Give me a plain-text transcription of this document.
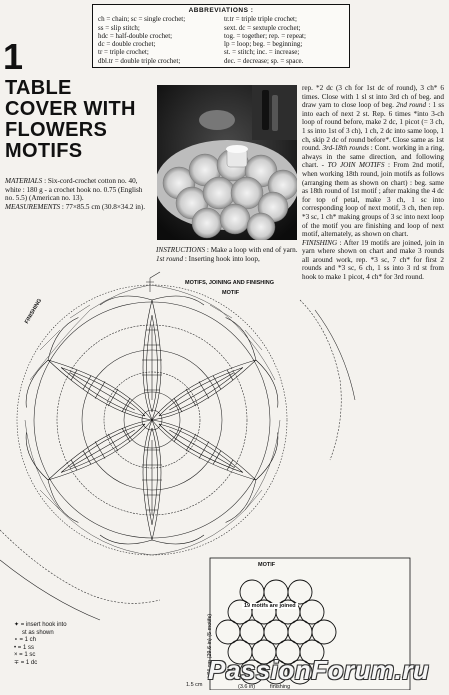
ABBREVIATIONS :
ch = chain; sc = single crochet;
ss = slip stitch;
hdc = half-double crochet;
dc = double crochet;
tr = triple crochet;
dbl.tr = double triple crochet;
tr.tr = triple triple crochet;
sext. dc = sextuple crochet;
tog. = together; rep. = repeat;
lp = loop; beg. = beginning;
st. = stitch; inc. = increase;
dec. = decrease; sp. = space.
1
TABLE
COVER WITH
FLOWERS
MOTIFS

MATERIALS : Six-cord-crochet cotton no. 40, white : 180 g - a crochet hook no. 0.75 (English no. 5.5) (American no. 13).

MEASUREMENTS : 77×85.5 cm (30.8×34.2 in).

INSTRUCTIONS : Make a loop with end of yarn. 1st round : Inserting hook into loop,

rep. *2 dc (3 ch for 1st dc of round), 3 ch* 6 times. Close with 1 sl st into 3rd ch of beg. and draw yarn to close loop of beg. 2nd round : 1 ss into each of next 2 st. Rep. 6 times *into 3-ch loop of round before, make 2 dc, 1 picot (= 3 ch, 1 ss into 1st of 3 ch), 1 ch, 2 dc into same loop, 1 ch, skip 2 dc of round before*. Close same as 1st round. 3rd-18th rounds : Cont. working in a ring, always in the same direction, and following chart. - TO JOIN MOTIFS : From 2nd motif, when working 18th round, join motifs as follows (arranging them as shown on chart) : beg. same as 18th round of 1st motif ; after making the 4 dc for top of petal, make 3 ch, 1 sc into corresponding loop of next motif, 3 ch, then rep. *3 sc, 1 ch* making groups of 3 sc into next loop of the motif you are finishing and loop of next motif, alternately, as shown on chart.

FINISHING : After 19 motifs are joined, join in yarn where shown on chart and make 3 rounds all around work, rep. *3 sc, 7 ch* for first 2 rounds and *3 sc, 6 ch, 1 ss into 3 rd st from hook to make 1 picot, 4 ch* for 3rd round.

MOTIFS, JOINING AND FINISHING
MOTIF
FINISHING
MOTIF
19 motifs are joined
74 cm (29.6 in) (5 motifs)
1.5 cm	(3.6 in)	finishing
✦ = insert hook into
st as shown
∘ = 1 ch
• = 1 ss
× = 1 sc
∓ = 1 dc	PassionForum.ru
